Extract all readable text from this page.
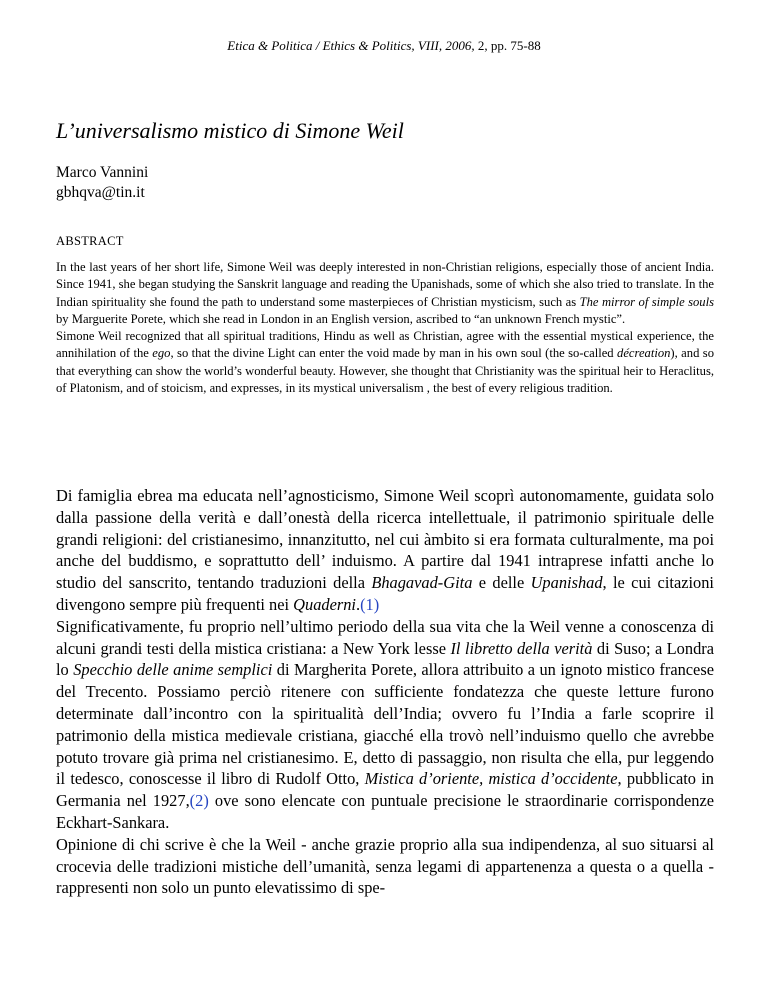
Etica & Politica / Ethics & Politics, VIII, 2006, 2, pp. 75-88
L’universalismo mistico di Simone Weil
Marco Vannini
gbhqva@tin.it
ABSTRACT

In the last years of her short life, Simone Weil was deeply interested in non-Christian religions, especially those of ancient India. Since 1941, she began studying the Sanskrit language and reading the Upanishads, some of which she also tried to translate. In the Indian spirituality she found the path to understand some masterpieces of Christian mysticism, such as The mirror of simple souls by Marguerite Porete, which she read in London in an English version, ascribed to “an unknown French mystic”.

Simone Weil recognized that all spiritual traditions, Hindu as well as Christian, agree with the essential mystical experience, the annihilation of the ego, so that the divine Light can enter the void made by man in his own soul (the so-called décreation), and so that everything can show the world’s wonderful beauty. However, she thought that Christianity was the spiritual heir to Heraclitus, of Platonism, and of stoicism, and expresses, in its mystical universalism , the best of every religious tradition.

Di famiglia ebrea ma educata nell’agnosticismo, Simone Weil scoprì autonomamente, guidata solo dalla passione della verità e dall’onestà della ricerca intellettuale, il patrimonio spirituale delle grandi religioni: del cristianesimo, innanzitutto, nel cui àmbito si era formata culturalmente, ma poi anche del buddismo, e soprattutto dell’ induismo. A partire dal 1941 intraprese infatti anche lo studio del sanscrito, tentando traduzioni della Bhagavad-Gita e delle Upanishad, le cui citazioni divengono sempre più frequenti nei Quaderni.(1)

Significativamente, fu proprio nell’ultimo periodo della sua vita che la Weil venne a conoscenza di alcuni grandi testi della mistica cristiana: a New York lesse Il libretto della verità di Suso; a Londra lo Specchio delle anime semplici di Margherita Porete, allora attribuito a un ignoto mistico francese del Trecento. Possiamo perciò ritenere con sufficiente fondatezza che queste letture furono determinate dall’incontro con la spiritualità dell’India; ovvero fu l’India a farle scoprire il patrimonio della mistica medievale cristiana, giacché ella trovò nell’induismo quello che avrebbe potuto trovare già prima nel cristianesimo. E, detto di passaggio, non risulta che ella, pur leggendo il tedesco, conoscesse il libro di Rudolf Otto, Mistica d’oriente, mistica d’occidente, pubblicato in Germania nel 1927,(2) ove sono elencate con puntuale precisione le straordinarie corrispondenze Eckhart-Sankara.

Opinione di chi scrive è che la Weil - anche grazie proprio alla sua indipendenza, al suo situarsi al crocevia delle tradizioni mistiche dell’umanità, senza legami di appartenenza a questa o a quella - rappresenti non solo un punto elevatissimo di spe-
